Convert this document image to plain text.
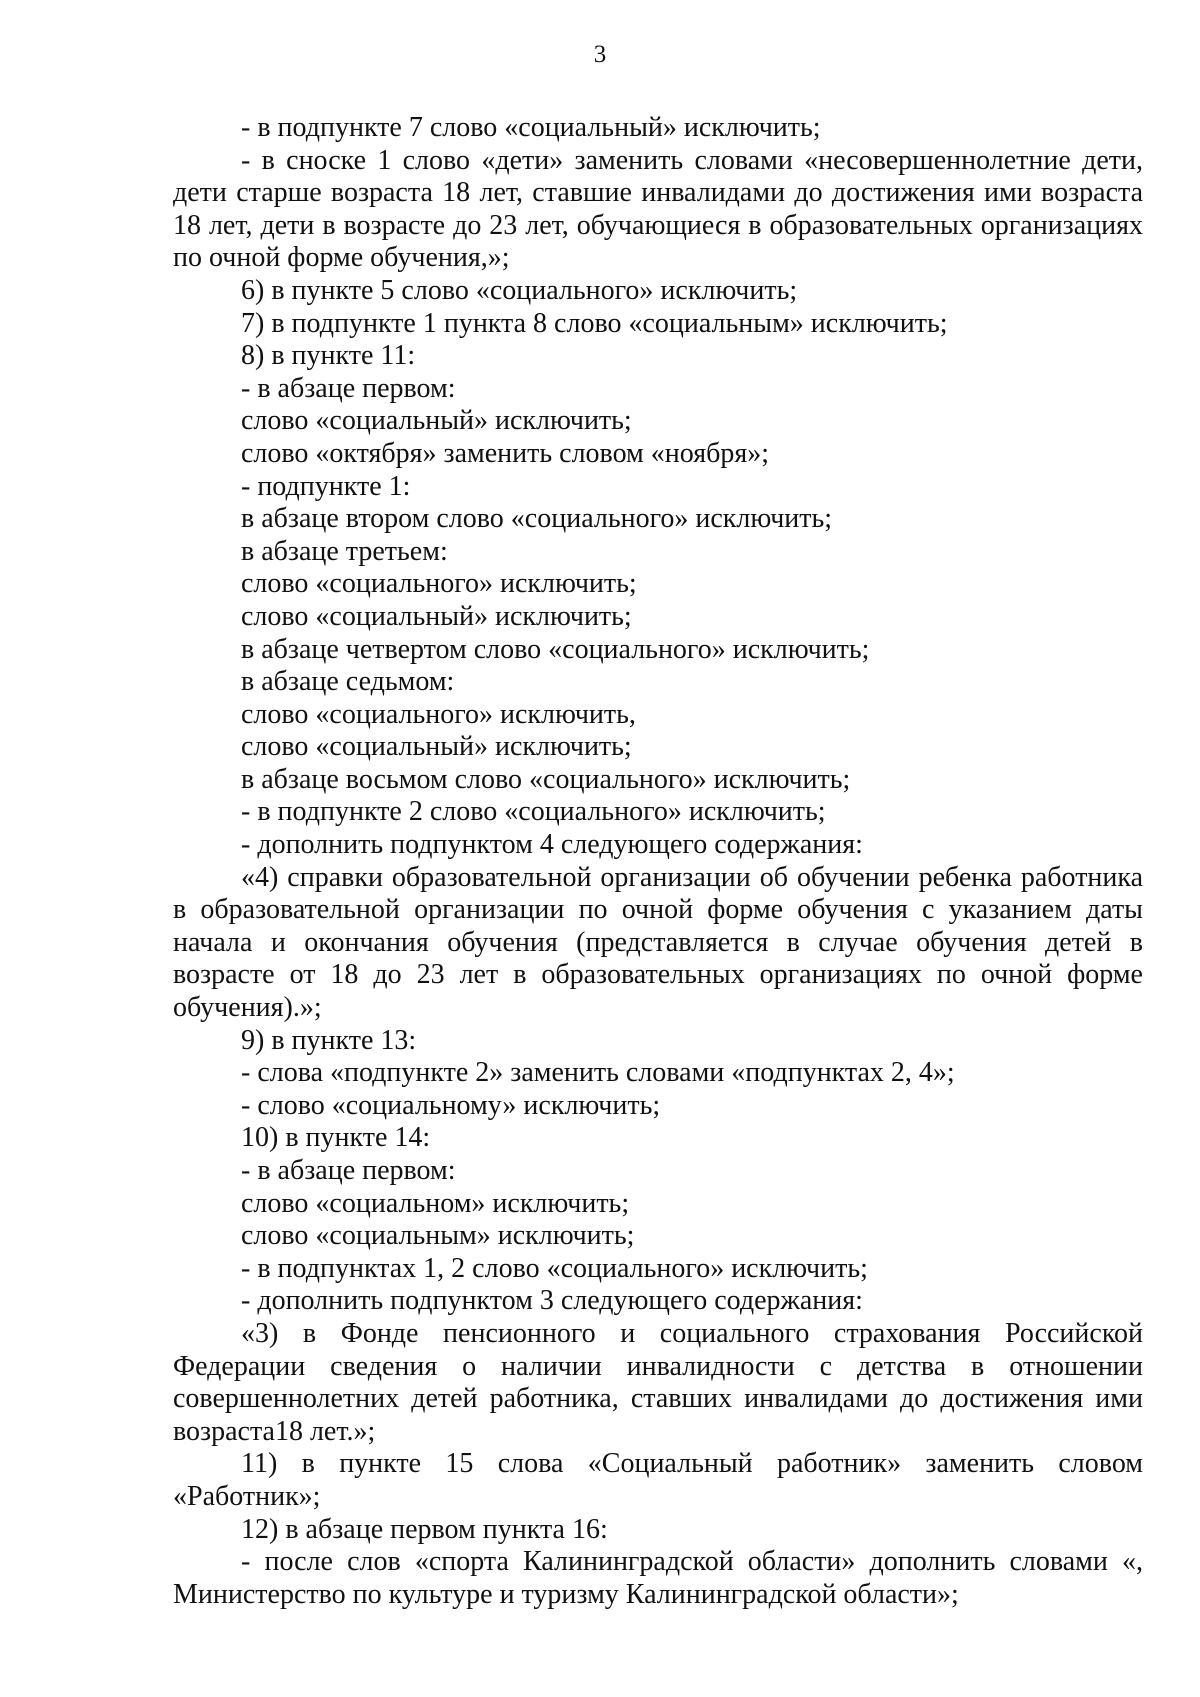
3

- в подпункте 7 слово «социальный» исключить;

- в сноске 1 слово «дети» заменить словами «несовершеннолетние дети, дети старше возраста 18 лет, ставшие инвалидами до достижения ими возраста 18 лет, дети в возрасте до 23 лет, обучающиеся в образовательных организациях по очной форме обучения,»;

6) в пункте 5 слово «социального» исключить;

7) в подпункте 1 пункта 8 слово «социальным» исключить;

8) в пункте 11:

- в абзаце первом:

слово «социальный» исключить;

слово «октября» заменить словом «ноября»;

- подпункте 1:

в абзаце втором слово «социального» исключить;

в абзаце третьем:

слово «социального» исключить;

слово «социальный» исключить;

в абзаце четвертом слово «социального» исключить;

в абзаце седьмом:

слово «социального» исключить,

слово «социальный» исключить;

в абзаце восьмом слово «социального» исключить;

- в подпункте 2 слово «социального» исключить;

- дополнить подпунктом 4 следующего содержания:

«4) справки образовательной организации об обучении ребенка работника в образовательной организации по очной форме обучения с указанием даты начала и окончания обучения (представляется в случае обучения детей в возрасте от 18 до 23 лет в образовательных организациях по очной форме обучения).»;

9) в пункте 13:

- слова «подпункте 2» заменить словами «подпунктах 2, 4»;

- слово «социальному» исключить;

10) в пункте 14:

- в абзаце первом:

слово «социальном» исключить;

слово «социальным» исключить;

- в подпунктах 1, 2 слово «социального» исключить;

- дополнить подпунктом 3 следующего содержания:

«3) в Фонде пенсионного и социального страхования Российской Федерации сведения о наличии инвалидности с детства в отношении совершеннолетних детей работника, ставших инвалидами до достижения ими возраста18 лет.»;

11) в пункте 15 слова «Социальный работник» заменить словом «Работник»;

12) в абзаце первом пункта 16:

- после слов «спорта Калининградской области» дополнить словами «, Министерство по культуре и туризму Калининградской области»;
